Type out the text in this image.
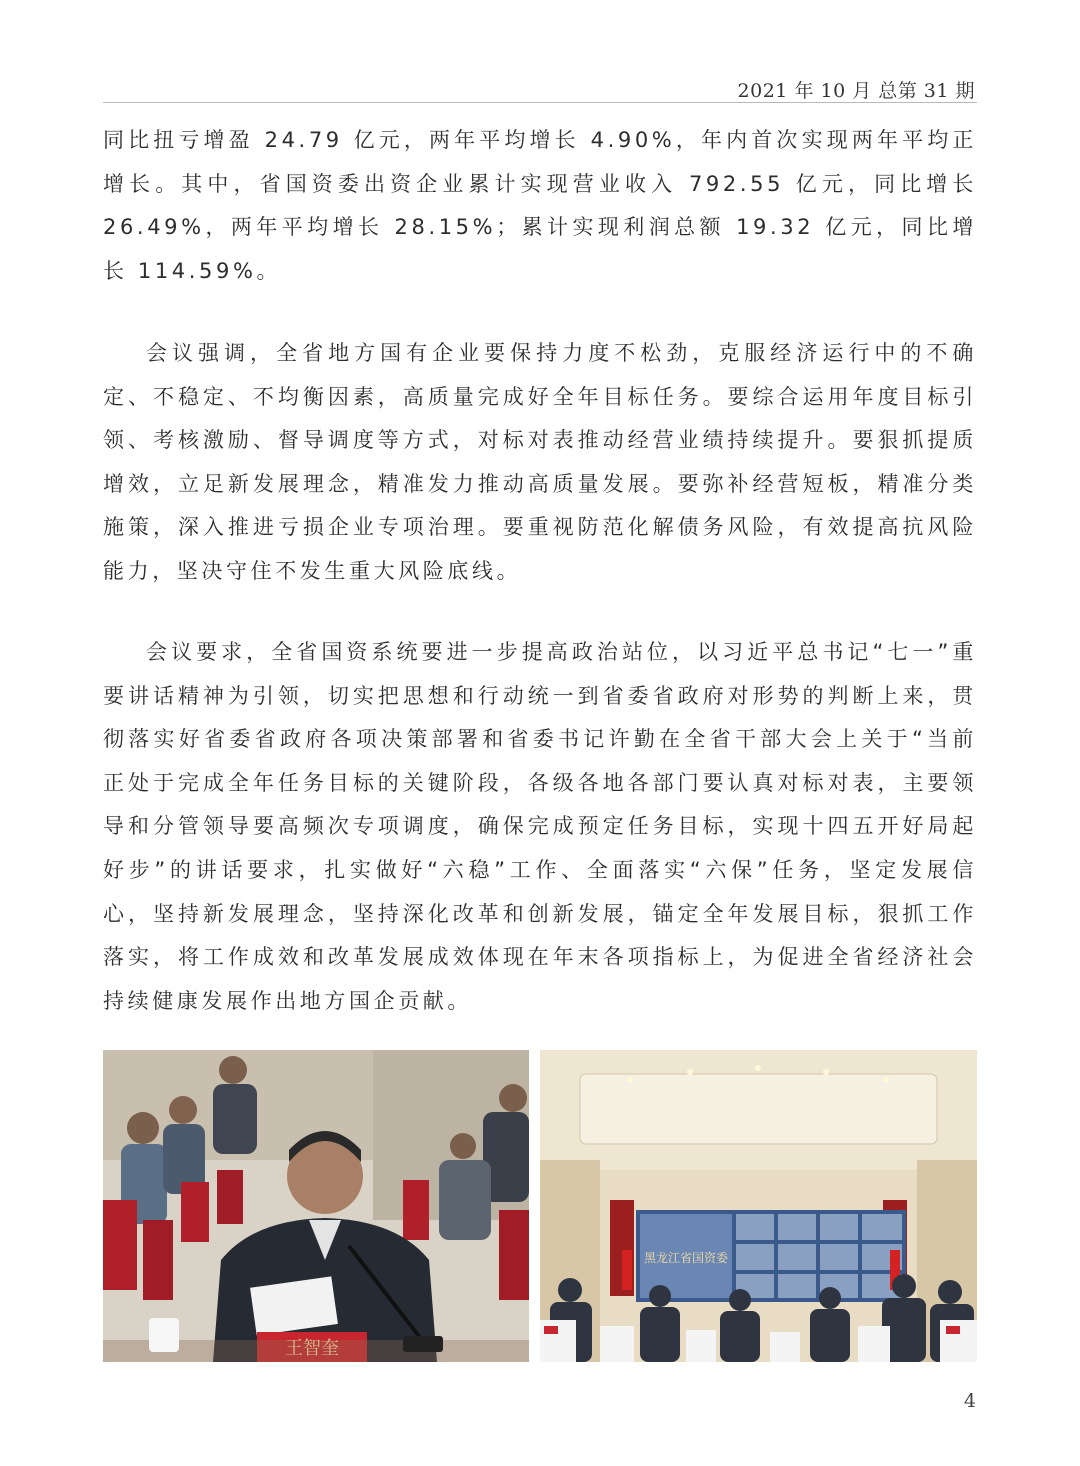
2021 年 10 月 总第 31 期

同比扭亏增盈 24.79 亿元，两年平均增长 4.90%，年内首次实现两年平均正增长。其中，省国资委出资企业累计实现营业收入 792.55 亿元，同比增长 26.49%，两年平均增长 28.15%；累计实现利润总额 19.32 亿元，同比增长 114.59%。

会议强调，全省地方国有企业要保持力度不松劲，克服经济运行中的不确定、不稳定、不均衡因素，高质量完成好全年目标任务。要综合运用年度目标引领、考核激励、督导调度等方式，对标对表推动经营业绩持续提升。要狠抓提质增效，立足新发展理念，精准发力推动高质量发展。要弥补经营短板，精准分类施策，深入推进亏损企业专项治理。要重视防范化解债务风险，有效提高抗风险能力，坚决守住不发生重大风险底线。

会议要求，全省国资系统要进一步提高政治站位，以习近平总书记“七一”重要讲话精神为引领，切实把思想和行动统一到省委省政府对形势的判断上来，贯彻落实好省委省政府各项决策部署和省委书记许勤在全省干部大会上关于“当前正处于完成全年任务目标的关键阶段，各级各地各部门要认真对标对表，主要领导和分管领导要高频次专项调度，确保完成预定任务目标，实现十四五开好局起好步”的讲话要求，扎实做好“六稳”工作、全面落实“六保”任务，坚定发展信心，坚持新发展理念，坚持深化改革和创新发展，锚定全年发展目标，狠抓工作落实，将工作成效和改革发展成效体现在年末各项指标上，为促进全省经济社会持续健康发展作出地方国企贡献。

王智奎
黑龙江省国资委
4
